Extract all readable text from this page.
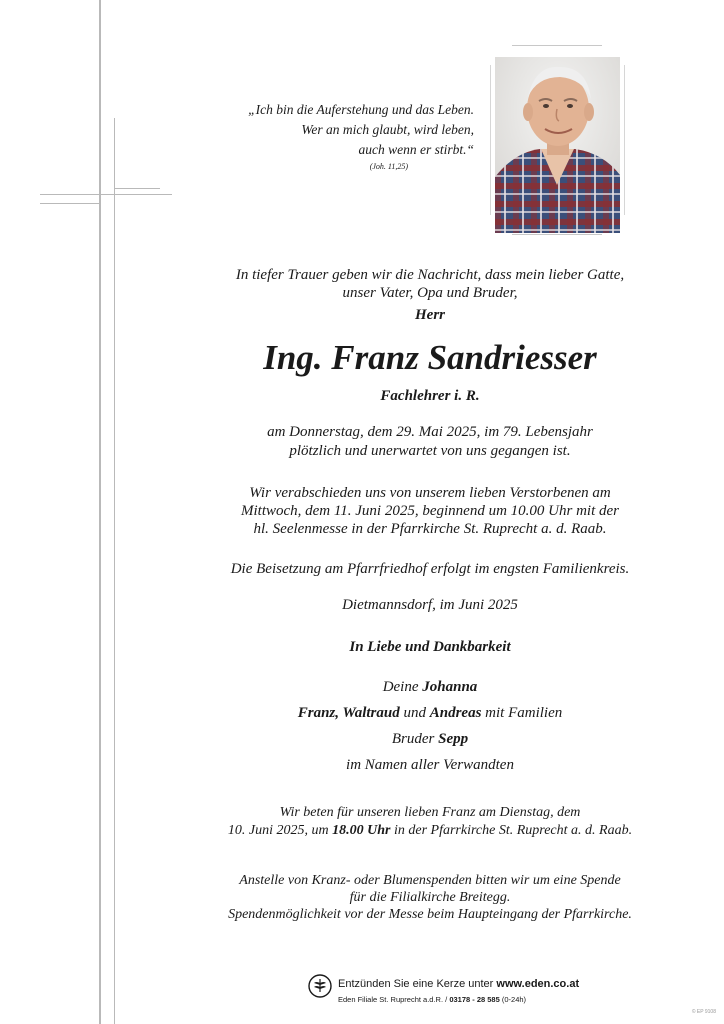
„Ich bin die Auferstehung und das Leben.
Wer an mich glaubt, wird leben,
auch wenn er stirbt.“
(Joh. 11,25)
In tiefer Trauer geben wir die Nachricht, dass mein lieber Gatte,
unser Vater, Opa und Bruder,
Herr
Ing. Franz Sandriesser
Fachlehrer i. R.
am Donnerstag, dem 29. Mai 2025, im 79. Lebensjahr
plötzlich und unerwartet von uns gegangen ist.
Wir verabschieden uns von unserem lieben Verstorbenen am
Mittwoch, dem 11. Juni 2025, beginnend um 10.00 Uhr mit der
hl. Seelenmesse in der Pfarrkirche St. Ruprecht a. d. Raab.
Die Beisetzung am Pfarrfriedhof erfolgt im engsten Familienkreis.
Dietmannsdorf, im Juni 2025
In Liebe und Dankbarkeit
Deine Johanna
Franz, Waltraud und Andreas mit Familien
Bruder Sepp
im Namen aller Verwandten
Wir beten für unseren lieben Franz am Dienstag, dem
10. Juni 2025, um 18.00 Uhr in der Pfarrkirche St. Ruprecht a. d. Raab.
Anstelle von Kranz- oder Blumenspenden bitten wir um eine Spende
für die Filialkirche Breitegg.
Spendenmöglichkeit vor der Messe beim Haupteingang der Pfarrkirche.
Entzünden Sie eine Kerze unter www.eden.co.at
Eden Filiale St. Ruprecht a.d.R. / 03178 - 28 585 (0-24h)
© EP 9108
